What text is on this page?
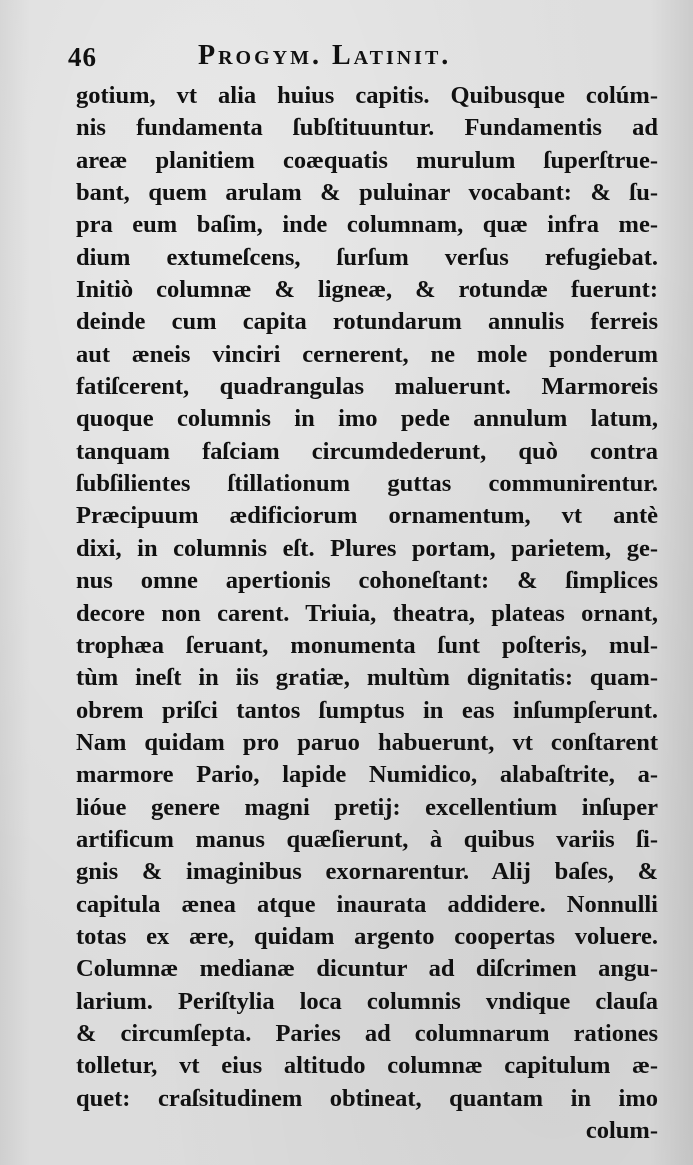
46	Progym. Latinit.
gotium, vt alia huius capitis. Quibusque colúm-
nis fundamenta ſubſtituuntur. Fundamentis ad
areæ planitiem coæquatis murulum ſuperſtrue-
bant, quem arulam & puluinar vocabant: & ſu-
pra eum baſim, inde columnam, quæ infra me-
dium extumeſcens, ſurſum verſus refugiebat.
Initiò columnæ & ligneæ, & rotundæ fuerunt:
deinde cum capita rotundarum annulis ferreis
aut æneis vinciri cernerent, ne mole ponderum
fatiſcerent, quadrangulas maluerunt. Marmoreis
quoque columnis in imo pede annulum latum,
tanquam faſciam circumdederunt, quò contra
ſubſilientes ſtillationum guttas communirentur.
Præcipuum ædificiorum ornamentum, vt antè
dixi, in columnis eſt. Plures portam, parietem, ge-
nus omne apertionis cohoneſtant: & ſimplices
decore non carent. Triuia, theatra, plateas ornant,
trophæa ſeruant, monumenta ſunt poſteris, mul-
tùm ineſt in iis gratiæ, multùm dignitatis: quam-
obrem priſci tantos ſumptus in eas inſumpſerunt.
Nam quidam pro paruo habuerunt, vt conſtarent
marmore Pario, lapide Numidico, alabaſtrite, a-
lióue genere magni pretij: excellentium inſuper
artificum manus quæſierunt, à quibus variis ſi-
gnis & imaginibus exornarentur. Alij baſes, &
capitula ænea atque inaurata addidere. Nonnulli
totas ex ære, quidam argento coopertas voluere.
Columnæ medianæ dicuntur ad diſcrimen angu-
larium. Periſtylia loca columnis vndique clauſa
& circumſepta. Paries ad columnarum rationes
tolletur, vt eius altitudo columnæ capitulum æ-
quet: craſsitudinem obtineat, quantam in imo
colum-
